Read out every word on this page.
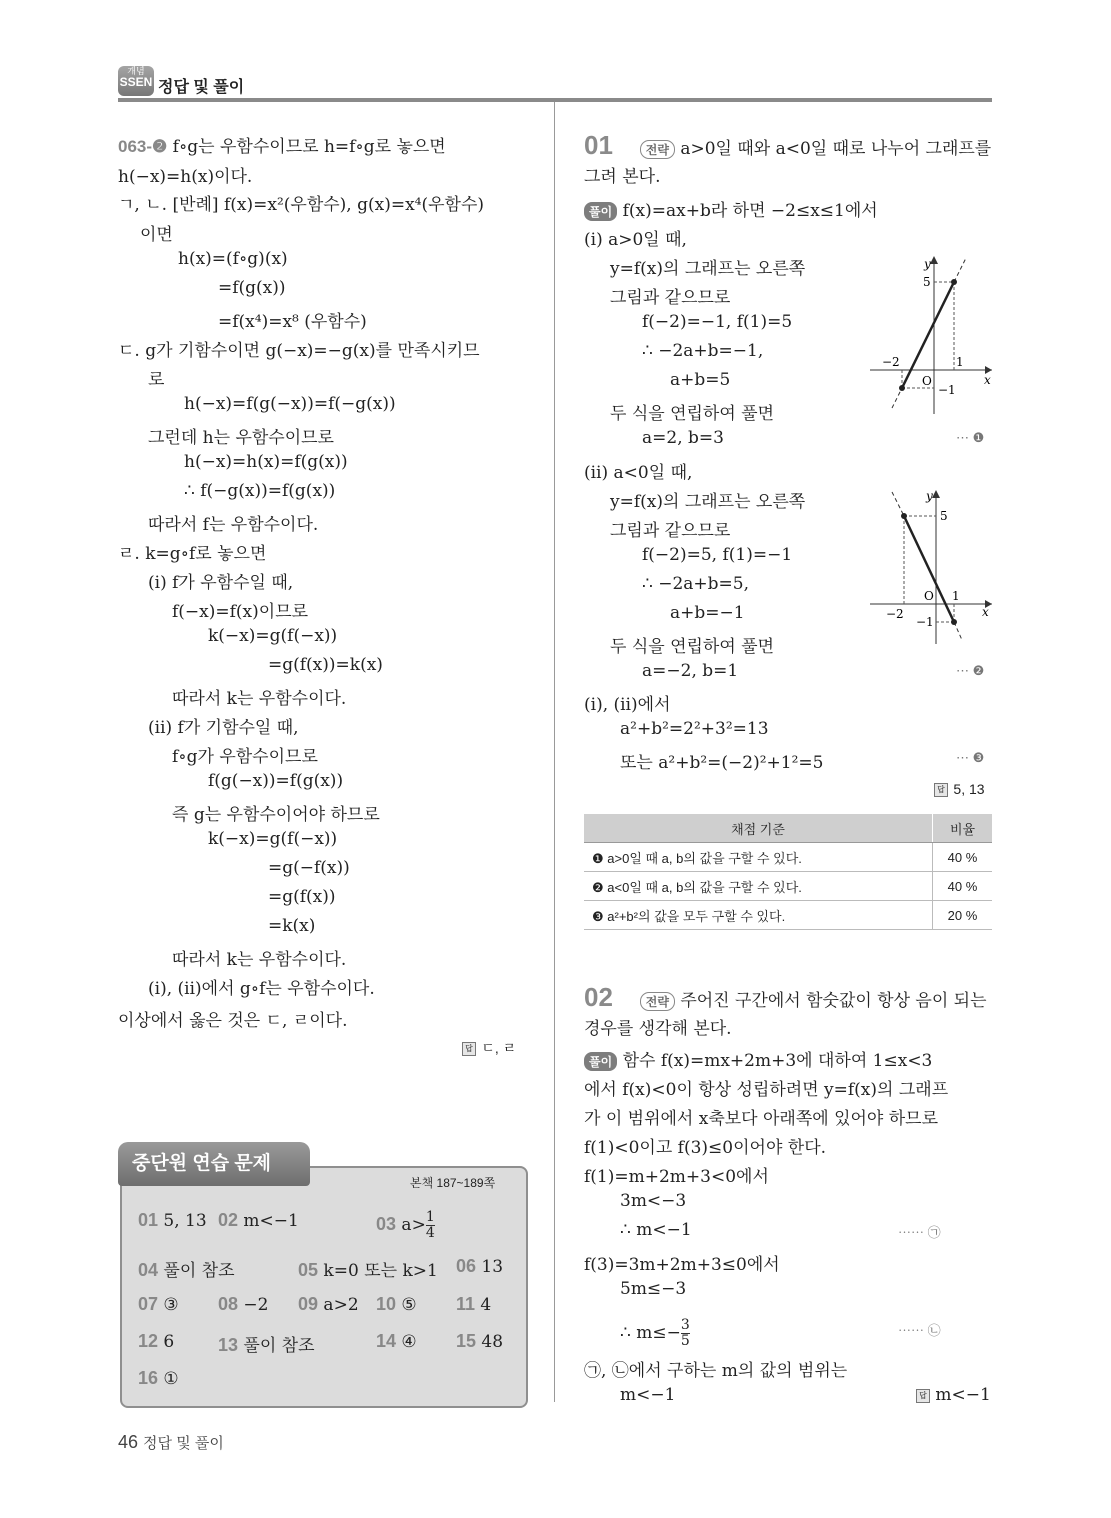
개념
SSEN 정답 및 풀이
063-❷ f∘g는 우함수이므로 h=f∘g로 놓으면
h(−x)=h(x)이다.
ㄱ, ㄴ. [반례] f(x)=x²(우함수), g(x)=x⁴(우함수)
이면
h(x)=(f∘g)(x)
=f(g(x))
=f(x⁴)=x⁸ (우함수)
ㄷ. g가 기함수이면 g(−x)=−g(x)를 만족시키므
로
h(−x)=f(g(−x))=f(−g(x))
그런데 h는 우함수이므로
h(−x)=h(x)=f(g(x))
∴ f(−g(x))=f(g(x))
따라서 f는 우함수이다.
ㄹ. k=g∘f로 놓으면
(ⅰ) f가 우함수일 때,
f(−x)=f(x)이므로
k(−x)=g(f(−x))
=g(f(x))=k(x)
따라서 k는 우함수이다.
(ⅱ) f가 기함수일 때,
f∘g가 우함수이므로
f(g(−x))=f(g(x))
즉 g는 우함수이어야 하므로
k(−x)=g(f(−x))
=g(−f(x))
=g(f(x))
=k(x)
따라서 k는 우함수이다.
(ⅰ), (ⅱ)에서 g∘f는 우함수이다.
이상에서 옳은 것은 ㄷ, ㄹ이다.
답 ㄷ, ㄹ
중단원 연습 문제
본책 187~189쪽
01 5, 13 02 m<−1	03 $a> \frac{1}{4}$
04 풀이 참조	05 k=0 또는 k>1 06 13
07 ③ 08 −2 09 a>2 10 ⑤ 11 4
12 6 13 풀이 참조	14 ④ 15 48
16 ①
01	전략 a>0일 때와 a<0일 때로 나누어 그래프를
그려 본다.
풀이 f(x)=ax+b라 하면 −2≤x≤1에서
(ⅰ) a>0일 때,
y=f(x)의 그래프는 오른쪽
그림과 같으므로
f(−2)=−1, f(1)=5
∴ −2a+b=−1,
a+b=5
두 식을 연립하여 풀면
a=2, b=3	⋯ ❶
(ⅱ) a<0일 때,
y=f(x)의 그래프는 오른쪽
그림과 같으므로
f(−2)=5, f(1)=−1
∴ −2a+b=5,
a+b=−1
두 식을 연립하여 풀면
a=−2, b=1	⋯ ❷
(ⅰ), (ⅱ)에서
a²+b²=2²+3²=13
또는 a²+b²=(−2)²+1²=5	⋯ ❸
답 5, 13
y
x
5
−2	1
−1
O
y
x
5
−2
1
−1
O
채점 기준	비율
❶ a>0일 때 a, b의 값을 구할 수 있다.	40 %
❷ a<0일 때 a, b의 값을 구할 수 있다.	40 %
❸ a²+b²의 값을 모두 구할 수 있다.	20 %
02	전략 주어진 구간에서 함숫값이 항상 음이 되는
경우를 생각해 본다.
풀이 함수 f(x)=mx+2m+3에 대하여 1≤x<3
에서 f(x)<0이 항상 성립하려면 y=f(x)의 그래프
가 이 범위에서 x축보다 아래쪽에 있어야 하므로
f(1)<0이고 f(3)≤0이어야 한다.
f(1)=m+2m+3<0에서
3m<−3
∴ m<−1	⋯⋯ ㉠
f(3)=3m+2m+3≤0에서
5m≤−3
∴ $m\le- \frac{3}{5}$	⋯⋯ ㉡
㉠, ㉡에서 구하는 m의 값의 범위는
m<−1	답 m<−1
46 정답 및 풀이
